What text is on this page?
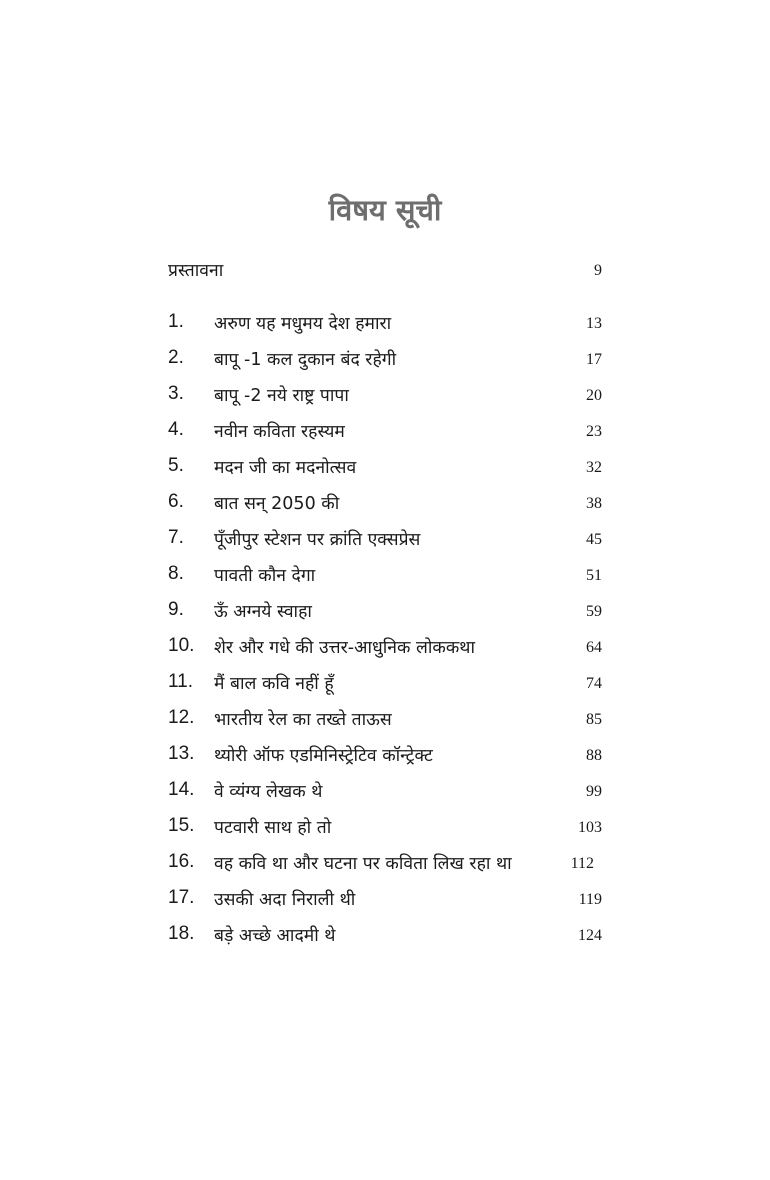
विषय सूची
प्रस्तावना	9
1. अरुण यह मधुमय देश हमारा	13
2. बापू -1 कल दुकान बंद रहेगी	17
3. बापू -2 नये राष्ट्र पापा	20
4. नवीन कविता रहस्यम	23
5. मदन जी का मदनोत्सव	32
6. बात सन् 2050 की	38
7. पूँजीपुर स्टेशन पर क्रांति एक्सप्रेस	45
8. पावती कौन देगा	51
9. ऊँ अग्नये स्वाहा	59
10. शेर और गधे की उत्तर-आधुनिक लोककथा	64
11. मैं बाल कवि नहीं हूँ	74
12. भारतीय रेल का तख्ते ताऊस	85
13. थ्योरी ऑफ एडमिनिस्ट्रेटिव कॉन्ट्रेक्ट	88
14. वे व्यंग्य लेखक थे	99
15. पटवारी साथ हो तो	103
16. वह कवि था और घटना पर कविता लिख रहा था	112
17. उसकी अदा निराली थी	119
18. बड़े अच्छे आदमी थे	124
